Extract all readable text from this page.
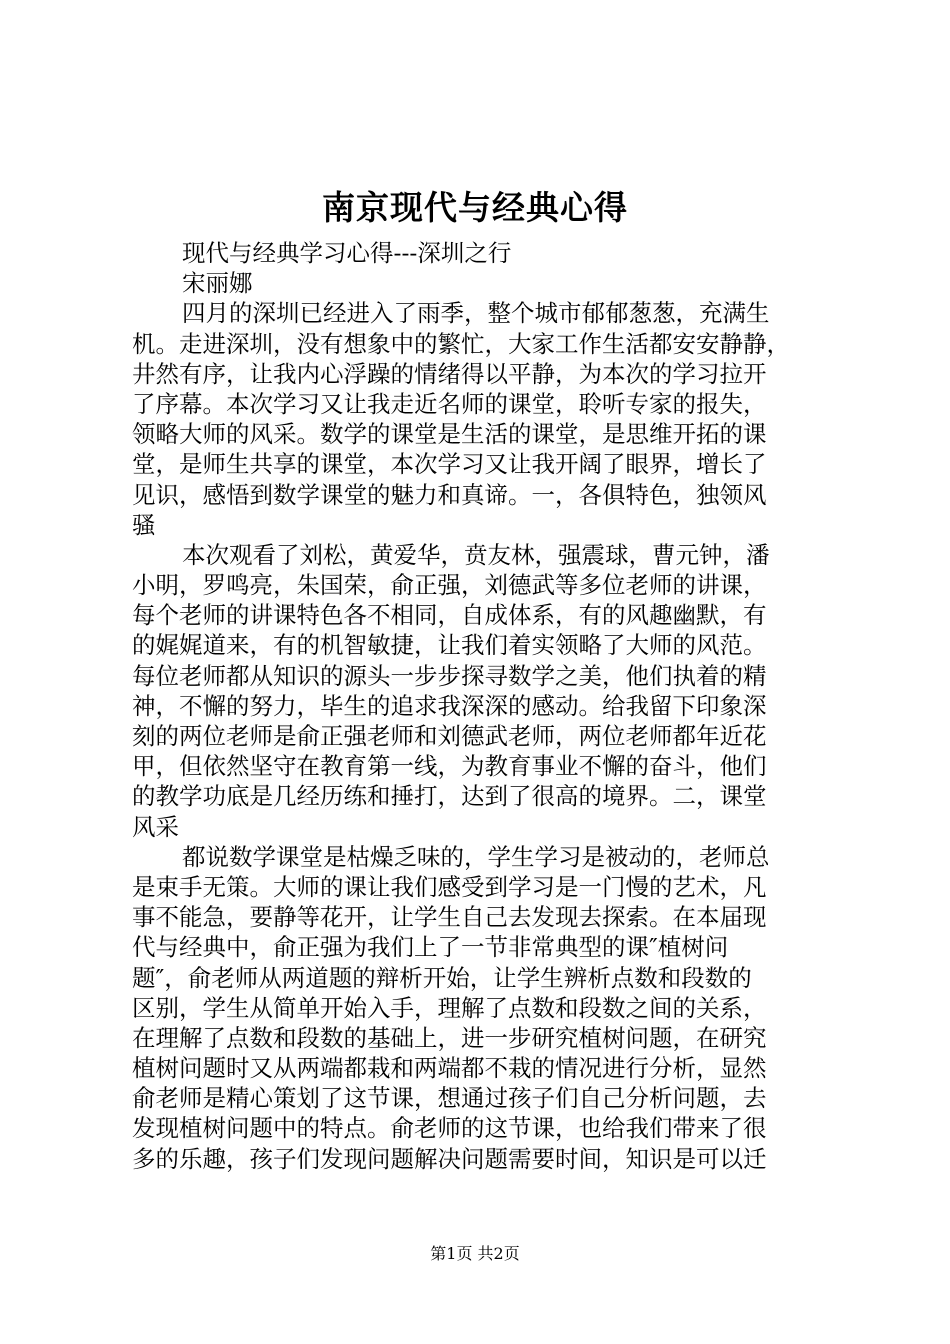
南京现代与经典心得
现代与经典学习心得---深圳之行
宋丽娜
四月的深圳已经进入了雨季，整个城市郁郁葱葱，充满生
机。走进深圳，没有想象中的繁忙，大家工作生活都安安静静，
井然有序，让我内心浮躁的情绪得以平静，为本次的学习拉开
了序幕。本次学习又让我走近名师的课堂，聆听专家的报失，
领略大师的风采。数学的课堂是生活的课堂，是思维开拓的课
堂，是师生共享的课堂，本次学习又让我开阔了眼界，增长了
见识，感悟到数学课堂的魅力和真谛。一，各俱特色，独领风
骚
本次观看了刘松，黄爱华，贲友林，强震球，曹元钟，潘
小明，罗鸣亮，朱国荣，俞正强，刘德武等多位老师的讲课，
每个老师的讲课特色各不相同，自成体系，有的风趣幽默，有
的娓娓道来，有的机智敏捷，让我们着实领略了大师的风范。
每位老师都从知识的源头一步步探寻数学之美，他们执着的精
神，不懈的努力，毕生的追求我深深的感动。给我留下印象深
刻的两位老师是俞正强老师和刘德武老师，两位老师都年近花
甲，但依然坚守在教育第一线，为教育事业不懈的奋斗，他们
的教学功底是几经历练和捶打，达到了很高的境界。二，课堂
风采
都说数学课堂是枯燥乏味的，学生学习是被动的，老师总
是束手无策。大师的课让我们感受到学习是一门慢的艺术，凡
事不能急，要静等花开，让学生自己去发现去探索。在本届现
代与经典中，俞正强为我们上了一节非常典型的课″植树问
题″，俞老师从两道题的辩析开始，让学生辨析点数和段数的
区别，学生从简单开始入手，理解了点数和段数之间的关系，
在理解了点数和段数的基础上，进一步研究植树问题，在研究
植树问题时又从两端都栽和两端都不栽的情况进行分析，显然
俞老师是精心策划了这节课，想通过孩子们自己分析问题，去
发现植树问题中的特点。俞老师的这节课，也给我们带来了很
多的乐趣，孩子们发现问题解决问题需要时间，知识是可以迁
第1页 共2页
